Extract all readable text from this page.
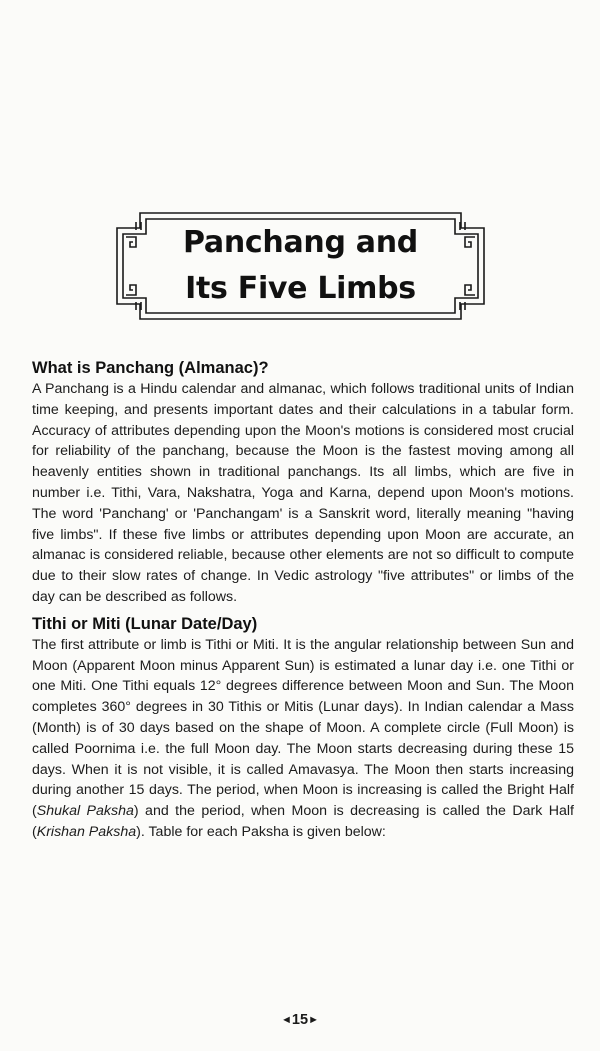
Panchang and
Its Five Limbs
What is Panchang (Almanac)?

A Panchang is a Hindu calendar and almanac, which follows traditional units of Indian time keeping, and presents important dates and their calculations in a tabular form. Accuracy of attributes depending upon the Moon's motions is considered most crucial for reliability of the panchang, because the Moon is the fastest moving among all heavenly entities shown in traditional panchangs. Its all limbs, which are five in number i.e. Tithi, Vara, Nakshatra, Yoga and Karna, depend upon Moon's motions. The word 'Panchang' or 'Panchangam' is a Sanskrit word, literally meaning "having five limbs". If these five limbs or attributes depending upon Moon are accurate, an almanac is considered reliable, because other elements are not so difficult to compute due to their slow rates of change. In Vedic astrology "five attributes" or limbs of the day can be described as follows.

Tithi or Miti (Lunar Date/Day)

The first attribute or limb is Tithi or Miti. It is the angular relationship between Sun and Moon (Apparent Moon minus Apparent Sun) is estimated a lunar day i.e. one Tithi or one Miti. One Tithi equals 12° degrees difference between Moon and Sun. The Moon completes 360° degrees in 30 Tithis or Mitis (Lunar days). In Indian calendar a Mass (Month) is of 30 days based on the shape of Moon. A complete circle (Full Moon) is called Poornima i.e. the full Moon day. The Moon starts decreasing during these 15 days. When it is not visible, it is called Amavasya. The Moon then starts increasing during another 15 days. The period, when Moon is increasing is called the Bright Half (Shukal Paksha) and the period, when Moon is decreasing is called the Dark Half (Krishan Paksha). Table for each Paksha is given below:

◄15►
